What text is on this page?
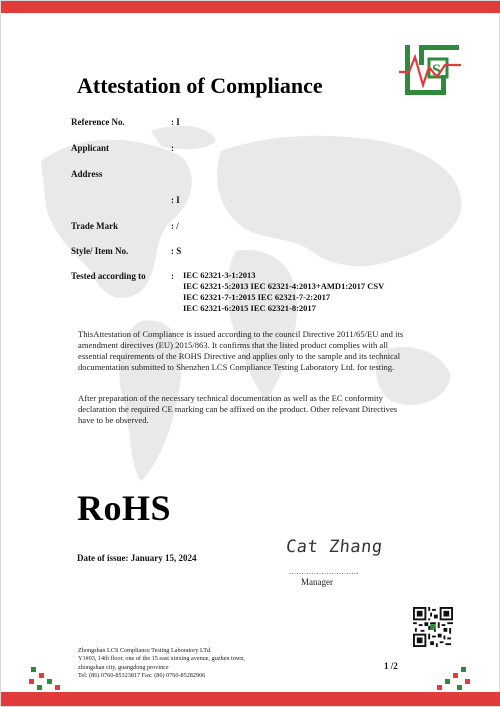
S
Attestation of Compliance
Reference No.	: I
Applicant	:
Address
: I
Trade Mark	: /
Style/ Item No.	: S
Tested according to	: IEC 62321-3-1:2013
IEC 62321-5:2013 IEC 62321-4:2013+AMD1:2017 CSV
IEC 62321-7-1:2015 IEC 62321-7-2:2017
IEC 62321-6:2015 IEC 62321-8:2017
ThisAttestation of Compliance is issued according to the council Directive 2011/65/EU and its amendment directives (EU) 2015/863. It confirms that the listed product complies with all essential requirements of the ROHS Directive and applies only to the sample and its technical documentation submitted to Shenzhen LCS Compliance Testing Laboratory Ltd. for testing.
After preparation of the necessary technical documentation as well as the EC conformity declaration the required CE marking can be affixed on the product. Other relevant Directives have to be observed.
RoHS
Date of issue: January 15, 2024
Cat Zhang
............................
Manager
Zhongshan LCS Compliance Testing Laboratory LTd.
Y1#03, 14th floor, one of the 15 east xinxing avenue, guzhen town,
zhongshan city, guangdong province
Tel: (86) 0760-85323817 Fax: (86) 0760-85282906
1 /2
